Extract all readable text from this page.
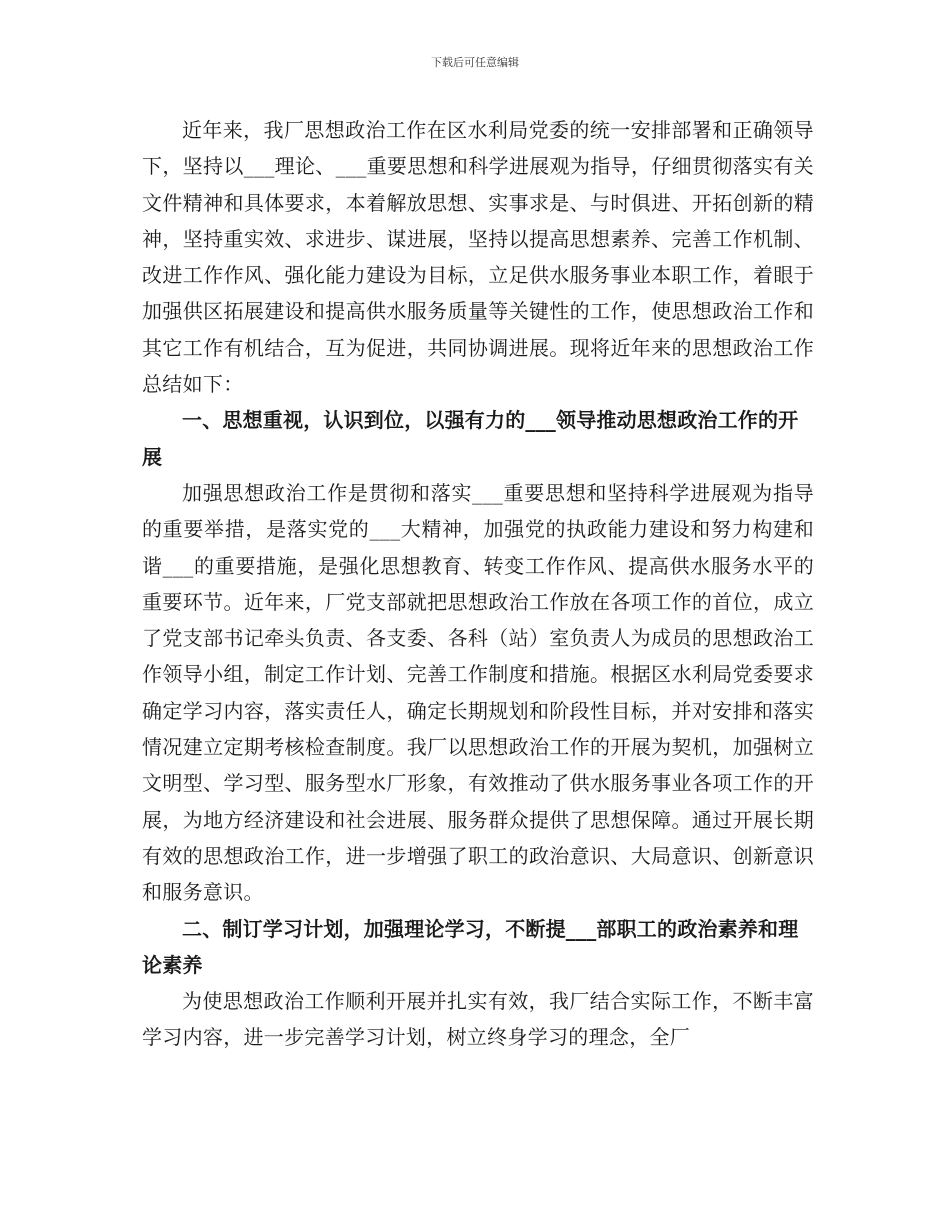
下载后可任意编辑

近年来，我厂思想政治工作在区水利局党委的统一安排部署和正确领导下，坚持以___理论、___重要思想和科学进展观为指导，仔细贯彻落实有关文件精神和具体要求，本着解放思想、实事求是、与时俱进、开拓创新的精神，坚持重实效、求进步、谋进展，坚持以提高思想素养、完善工作机制、改进工作作风、强化能力建设为目标，立足供水服务事业本职工作，着眼于加强供区拓展建设和提高供水服务质量等关键性的工作，使思想政治工作和其它工作有机结合，互为促进，共同协调进展。现将近年来的思想政治工作总结如下：

一、思想重视，认识到位，以强有力的___领导推动思想政治工作的开展

加强思想政治工作是贯彻和落实___重要思想和坚持科学进展观为指导的重要举措，是落实党的___大精神，加强党的执政能力建设和努力构建和谐___的重要措施，是强化思想教育、转变工作作风、提高供水服务水平的重要环节。近年来，厂党支部就把思想政治工作放在各项工作的首位，成立了党支部书记牵头负责、各支委、各科（站）室负责人为成员的思想政治工作领导小组，制定工作计划、完善工作制度和措施。根据区水利局党委要求确定学习内容，落实责任人，确定长期规划和阶段性目标，并对安排和落实情况建立定期考核检查制度。我厂以思想政治工作的开展为契机，加强树立文明型、学习型、服务型水厂形象，有效推动了供水服务事业各项工作的开展，为地方经济建设和社会进展、服务群众提供了思想保障。通过开展长期有效的思想政治工作，进一步增强了职工的政治意识、大局意识、创新意识和服务意识。

二、制订学习计划，加强理论学习，不断提___部职工的政治素养和理论素养

为使思想政治工作顺利开展并扎实有效，我厂结合实际工作，不断丰富学习内容，进一步完善学习计划，树立终身学习的理念，全厂
